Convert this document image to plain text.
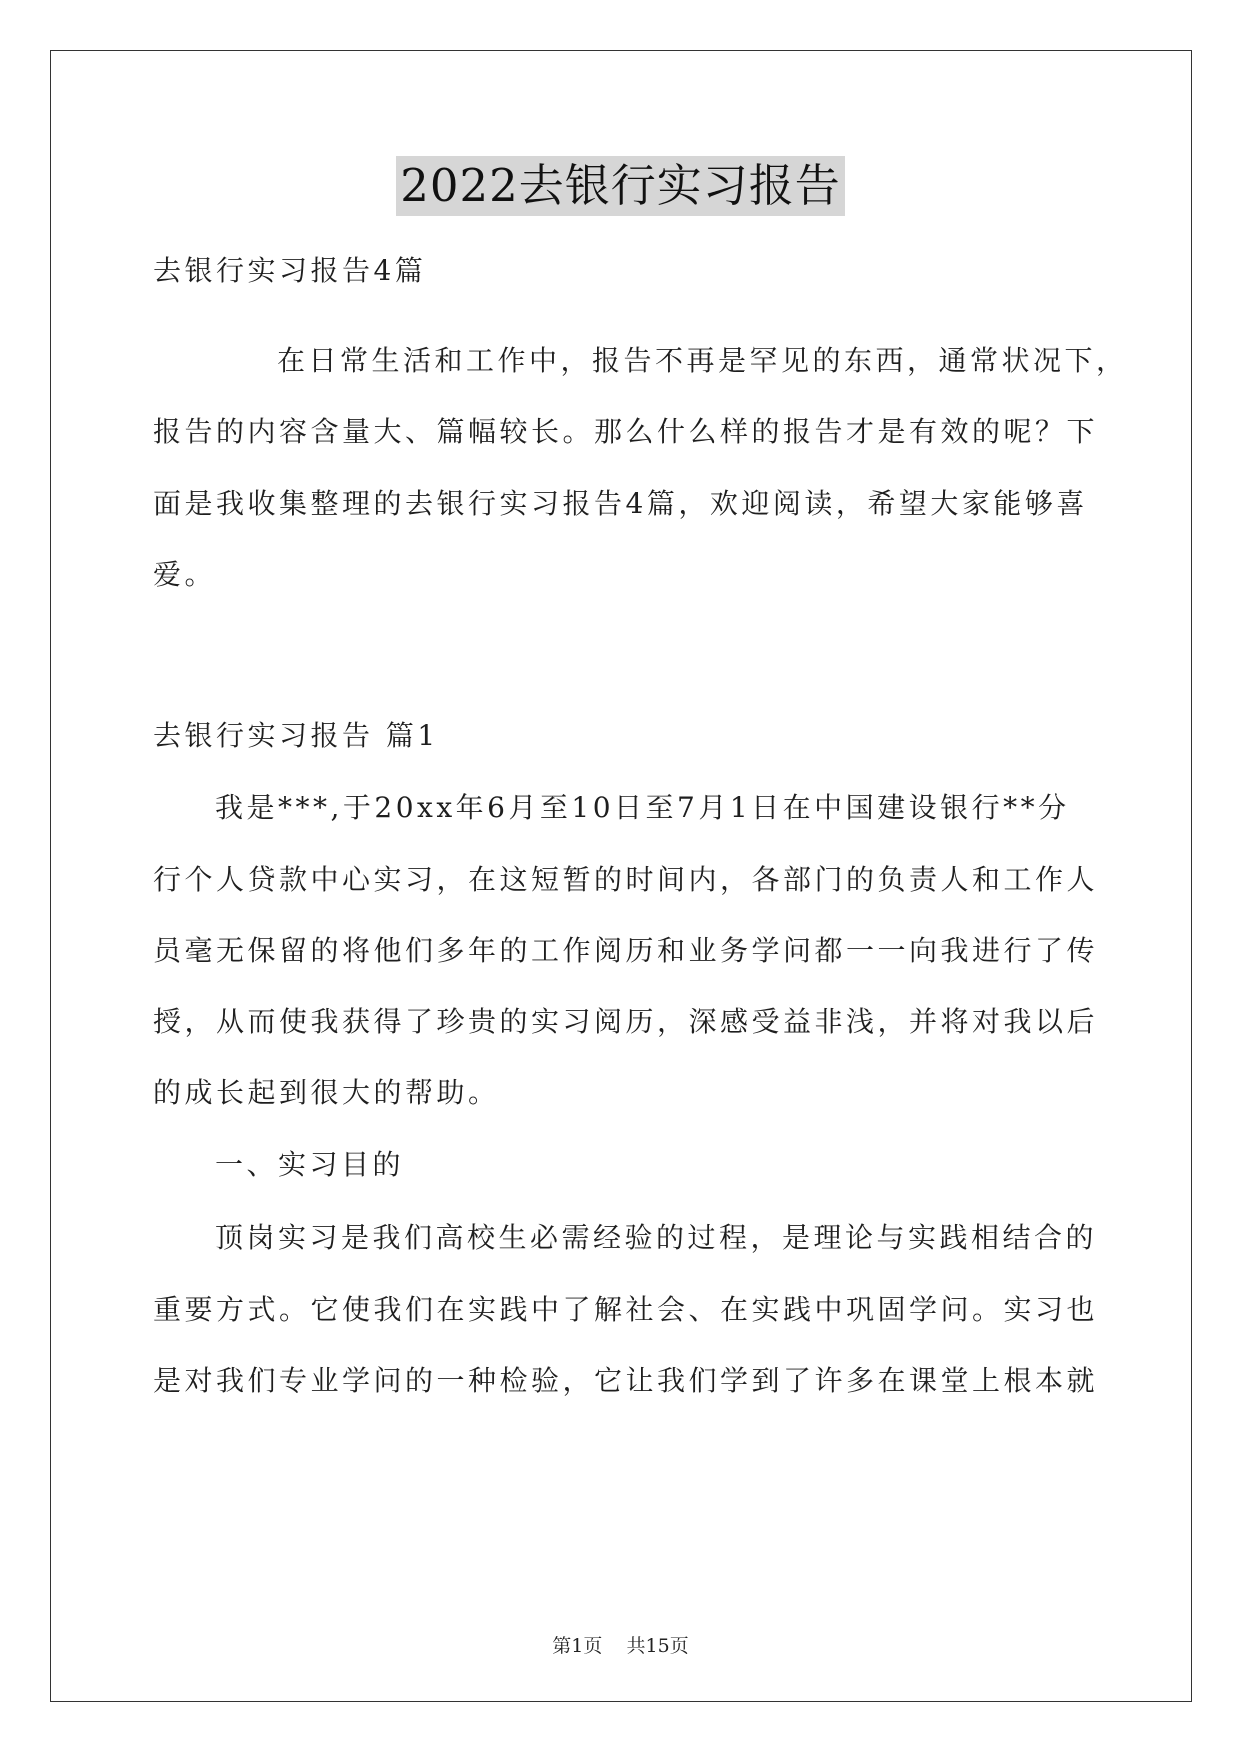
2022去银行实习报告
去银行实习报告4篇
在日常生活和工作中，报告不再是罕见的东西，通常状况下，
报告的内容含量大、篇幅较长。那么什么样的报告才是有效的呢？下
面是我收集整理的去银行实习报告4篇，欢迎阅读，希望大家能够喜
爱。
去银行实习报告 篇1
我是***,于20xx年6月至10日至7月1日在中国建设银行**分
行个人贷款中心实习，在这短暂的时间内，各部门的负责人和工作人
员毫无保留的将他们多年的工作阅历和业务学问都一一向我进行了传
授，从而使我获得了珍贵的实习阅历，深感受益非浅，并将对我以后
的成长起到很大的帮助。
一、实习目的
顶岗实习是我们高校生必需经验的过程，是理论与实践相结合的
重要方式。它使我们在实践中了解社会、在实践中巩固学问。实习也
是对我们专业学问的一种检验，它让我们学到了许多在课堂上根本就
第1页 共15页
